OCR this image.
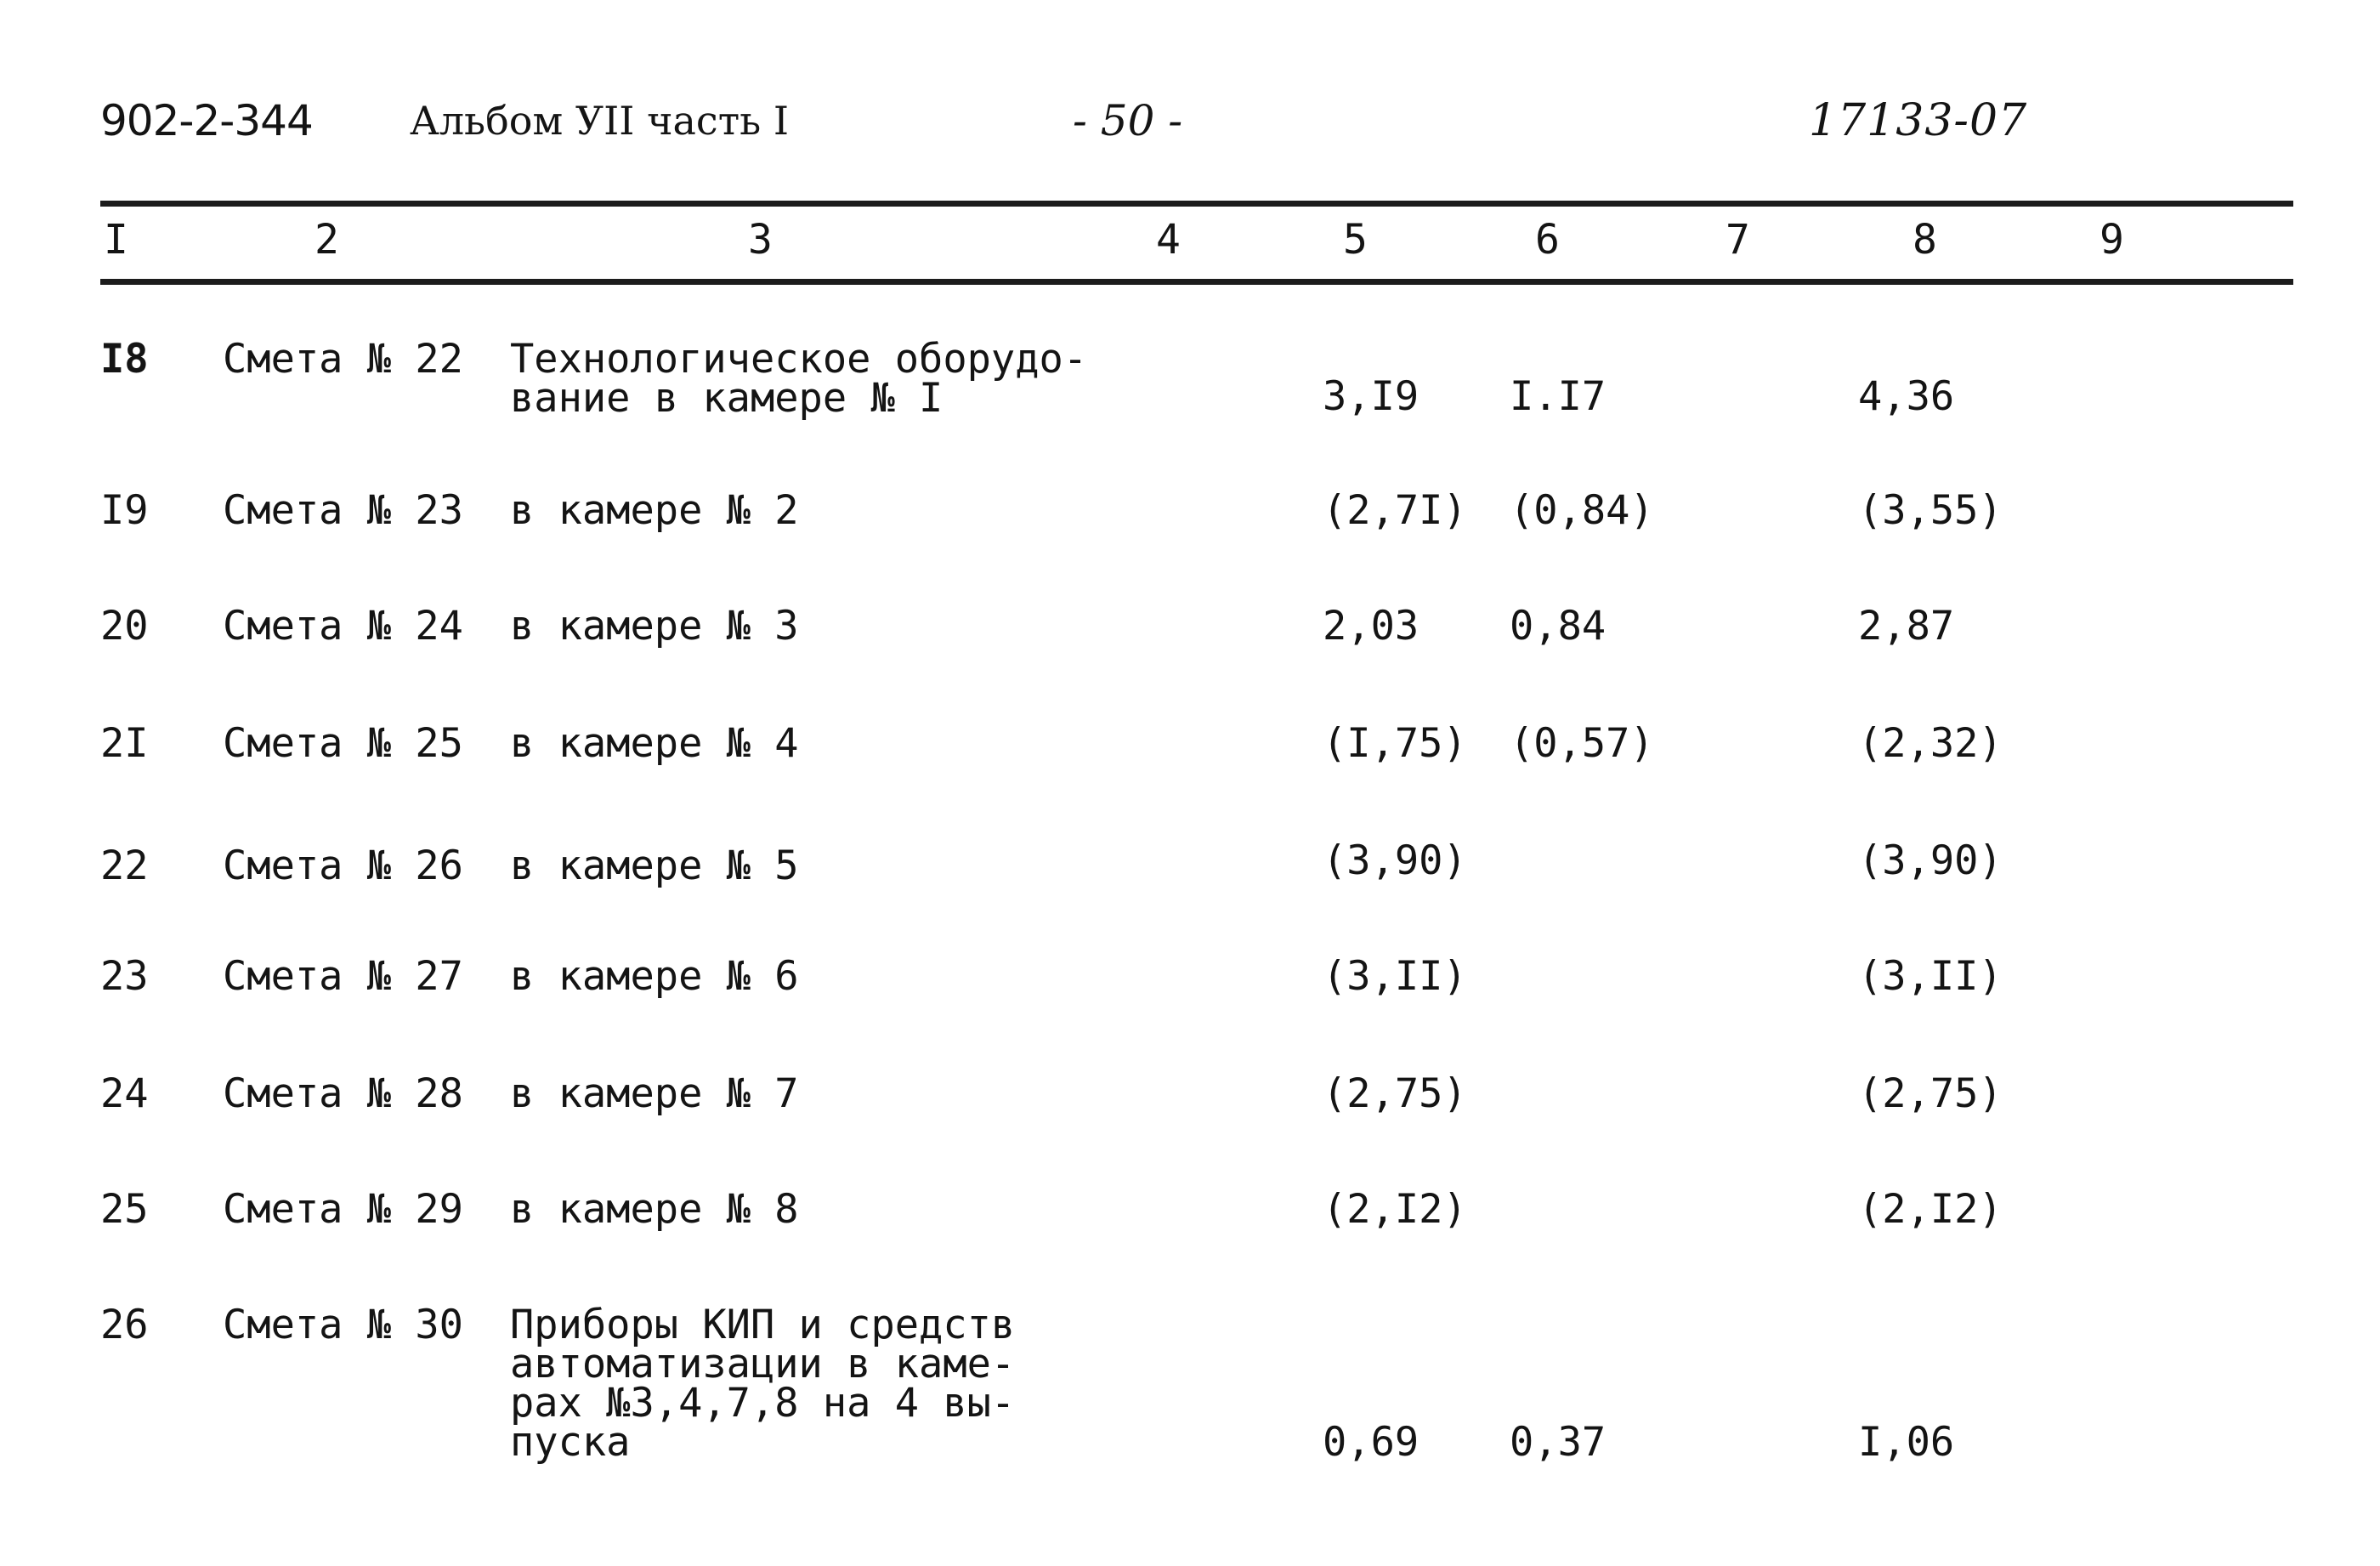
902-2-344 Альбом УII часть I	- 50 -	17133-07
I	2	3	4	5	6	7	8	9
I8 Смета № 22 Технологическое оборудо-вание в камере № I	3,I9 I.I7	4,36
I9 Смета № 23 в камере № 2	(2,7I) (0,84)	(3,55)
20 Смета № 24 в камере № 3	2,03 0,84	2,87
2I Смета № 25 в камере № 4	(I,75) (0,57)	(2,32)
22 Смета № 26 в камере № 5	(3,90)	(3,90)
23 Смета № 27 в камере № 6	(3,II)	(3,II)
24 Смета № 28 в камере № 7	(2,75)	(2,75)
25 Смета № 29 в камере № 8	(2,I2)	(2,I2)
26 Смета № 30 Приборы КИП и средств автоматизации в каме-рах №3,4,7,8 на 4 вы-пуска	0,69 0,37	I,06
